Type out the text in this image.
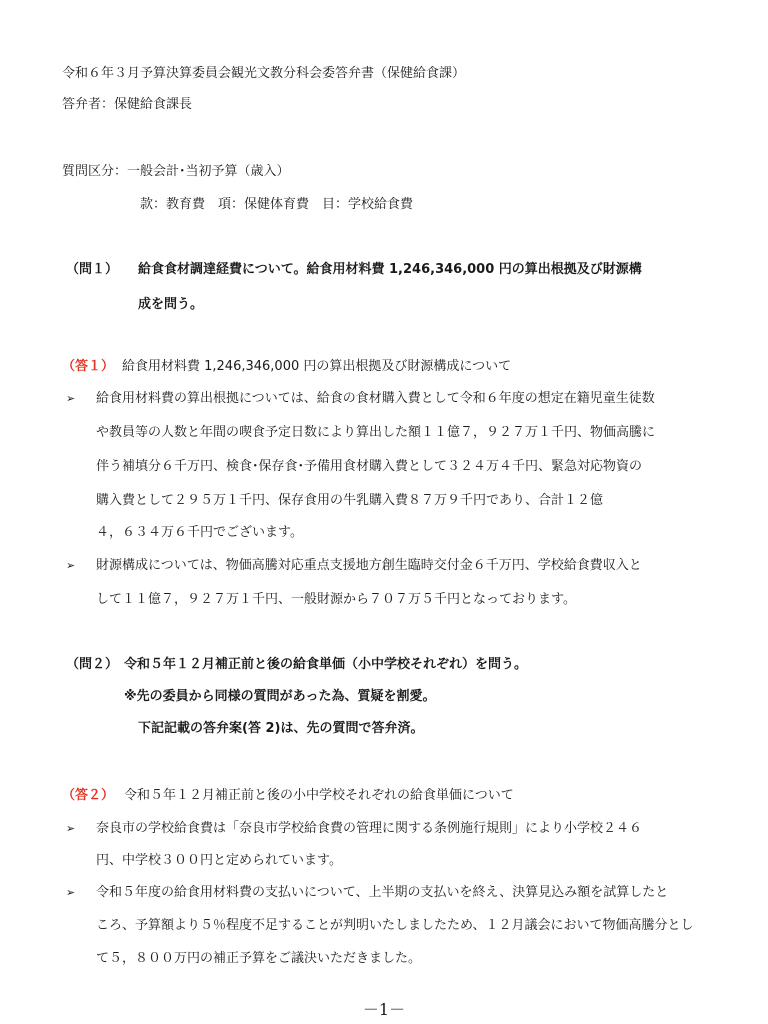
令和６年３月予算決算委員会観光文教分科会委答弁書（保健給食課）
答弁者：保健給食課長
質問区分：一般会計･当初予算（歳入）
款：教育費　項：保健体育費　目：学校給食費
（問１） 給食食材調達経費について。給食用材料費 1,246,346,000 円の算出根拠及び財源構
成を問う。
（答１） 給食用材料費 1,246,346,000 円の算出根拠及び財源構成について
➢ 給食用材料費の算出根拠については、給食の食材購入費として令和６年度の想定在籍児童生徒数
や教員等の人数と年間の喫食予定日数により算出した額１１億７，９２７万１千円、物価高騰に
伴う補填分６千万円、検食･保存食･予備用食材購入費として３２４万４千円、緊急対応物資の
購入費として２９５万１千円、保存食用の牛乳購入費８７万９千円であり、合計１２億
４，６３４万６千円でございます。
➢ 財源構成については、物価高騰対応重点支援地方創生臨時交付金６千万円、学校給食費収入と
して１１億７，９２７万１千円、一般財源から７０７万５千円となっております。
（問２） 令和５年１２月補正前と後の給食単価（小中学校それぞれ）を問う。
※先の委員から同様の質問があった為、質疑を割愛。
下記記載の答弁案(答 2)は、先の質問で答弁済。
（答２） 令和５年１２月補正前と後の小中学校それぞれの給食単価について
➢ 奈良市の学校給食費は「奈良市学校給食費の管理に関する条例施行規則」により小学校２４６
円、中学校３００円と定められています。
➢ 令和５年度の給食用材料費の支払いについて、上半期の支払いを終え、決算見込み額を試算したと
ころ、予算額より５％程度不足することが判明いたしましたため、１２月議会において物価高騰分とし
て５，８００万円の補正予算をご議決いただきました。
－1－
